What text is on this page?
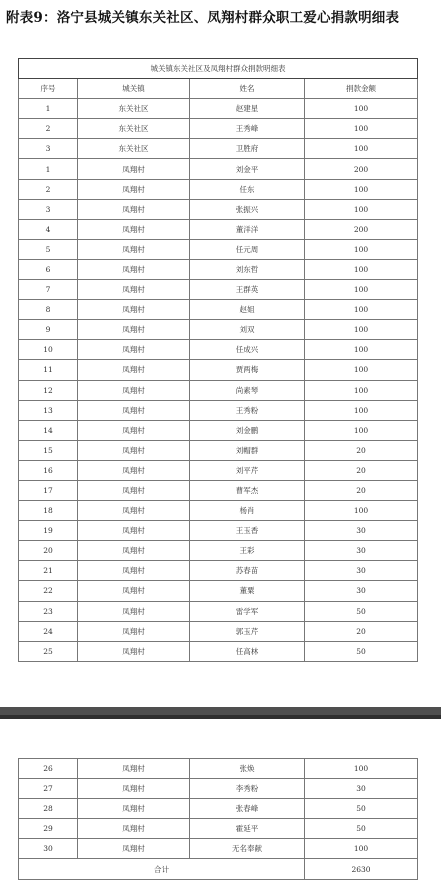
附表9：洛宁县城关镇东关社区、凤翔村群众职工爱心捐款明细表
城关镇东关社区及凤翔村群众捐款明细表			
序号	城关镇	姓名	捐款金额
1	东关社区	赵建星	100
2	东关社区	王秀峰	100
3	东关社区	卫胜府	100
1	凤翔村	刘金平	200
2	凤翔村	任东	100
3	凤翔村	张振兴	100
4	凤翔村	董洋洋	200
5	凤翔村	任元周	100
6	凤翔村	刘东哲	100
7	凤翔村	王群英	100
8	凤翔村	赵姐	100
9	凤翔村	刘双	100
10	凤翔村	任成兴	100
11	凤翔村	贾两梅	100
12	凤翔村	尚素琴	100
13	凤翔村	王秀粉	100
14	凤翔村	刘金鹏	100
15	凤翔村	刘帽群	20
16	凤翔村	刘平芹	20
17	凤翔村	曹军杰	20
18	凤翔村	杨肖	100
19	凤翔村	王玉香	30
20	凤翔村	王彩	30
21	凤翔村	苏春苗	30
22	凤翔村	董粟	30
23	凤翔村	雷学军	50
24	凤翔村	郭玉芹	20
25	凤翔村	任高林	50
26	凤翔村	张焕	100
27	凤翔村	李秀粉	30
28	凤翔村	张春峰	50
29	凤翔村	霍延平	50
30	凤翔村	无名奉献	100
合计			2630
